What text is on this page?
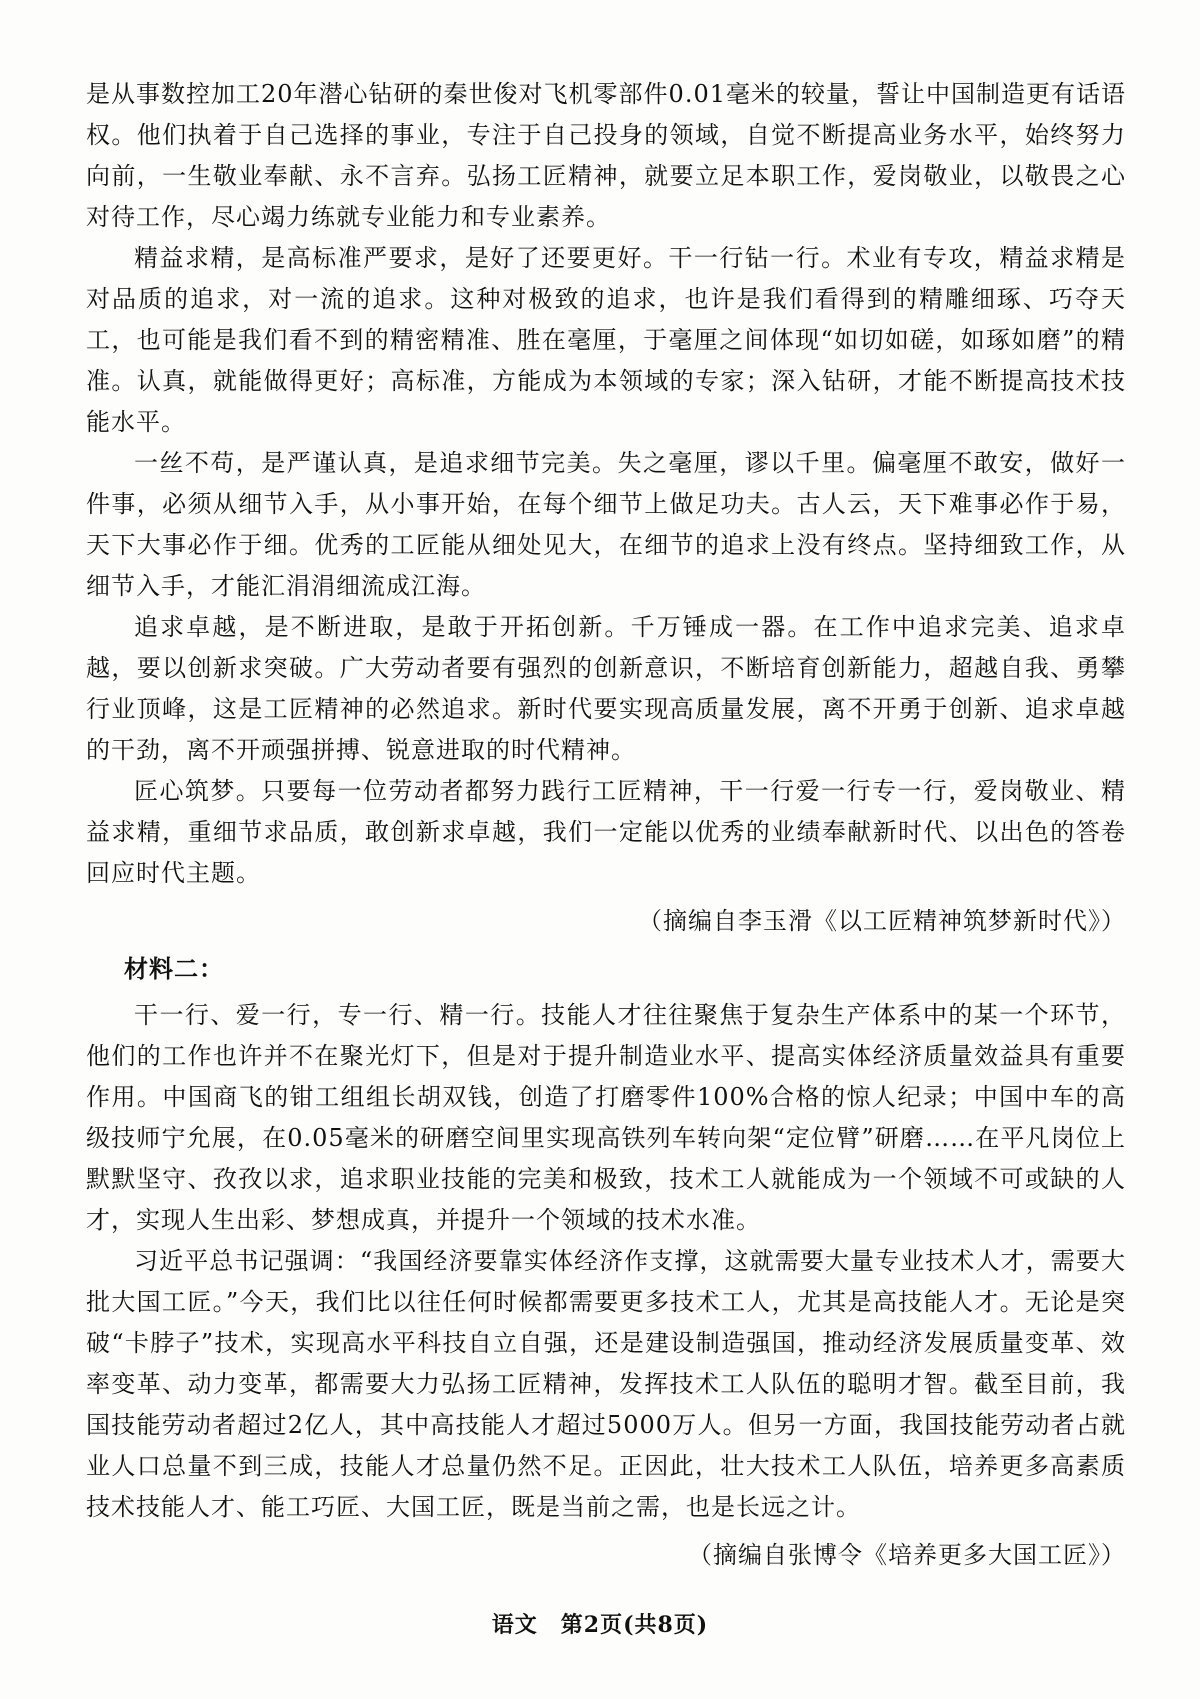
是从事数控加工20年潜心钻研的秦世俊对飞机零部件0.01毫米的较量，誓让中国制造更有话语权。他们执着于自己选择的事业，专注于自己投身的领域，自觉不断提高业务水平，始终努力向前，一生敬业奉献、永不言弃。弘扬工匠精神，就要立足本职工作，爱岗敬业，以敬畏之心对待工作，尽心竭力练就专业能力和专业素养。

精益求精，是高标准严要求，是好了还要更好。干一行钻一行。术业有专攻，精益求精是对品质的追求，对一流的追求。这种对极致的追求，也许是我们看得到的精雕细琢、巧夺天工，也可能是我们看不到的精密精准、胜在毫厘，于毫厘之间体现“如切如磋，如琢如磨”的精准。认真，就能做得更好；高标准，方能成为本领域的专家；深入钻研，才能不断提高技术技能水平。

一丝不苟，是严谨认真，是追求细节完美。失之毫厘，谬以千里。偏毫厘不敢安，做好一件事，必须从细节入手，从小事开始，在每个细节上做足功夫。古人云，天下难事必作于易，天下大事必作于细。优秀的工匠能从细处见大，在细节的追求上没有终点。坚持细致工作，从细节入手，才能汇涓涓细流成江海。

追求卓越，是不断进取，是敢于开拓创新。千万锤成一器。在工作中追求完美、追求卓越，要以创新求突破。广大劳动者要有强烈的创新意识，不断培育创新能力，超越自我、勇攀行业顶峰，这是工匠精神的必然追求。新时代要实现高质量发展，离不开勇于创新、追求卓越的干劲，离不开顽强拼搏、锐意进取的时代精神。

匠心筑梦。只要每一位劳动者都努力践行工匠精神，干一行爱一行专一行，爱岗敬业、精益求精，重细节求品质，敢创新求卓越，我们一定能以优秀的业绩奉献新时代、以出色的答卷回应时代主题。

（摘编自李玉滑《以工匠精神筑梦新时代》）

材料二：

干一行、爱一行，专一行、精一行。技能人才往往聚焦于复杂生产体系中的某一个环节，他们的工作也许并不在聚光灯下，但是对于提升制造业水平、提高实体经济质量效益具有重要作用。中国商飞的钳工组组长胡双钱，创造了打磨零件100%合格的惊人纪录；中国中车的高级技师宁允展，在0.05毫米的研磨空间里实现高铁列车转向架“定位臂”研磨……在平凡岗位上默默坚守、孜孜以求，追求职业技能的完美和极致，技术工人就能成为一个领域不可或缺的人才，实现人生出彩、梦想成真，并提升一个领域的技术水准。

习近平总书记强调：“我国经济要靠实体经济作支撑，这就需要大量专业技术人才，需要大批大国工匠。”今天，我们比以往任何时候都需要更多技术工人，尤其是高技能人才。无论是突破“卡脖子”技术，实现高水平科技自立自强，还是建设制造强国，推动经济发展质量变革、效率变革、动力变革，都需要大力弘扬工匠精神，发挥技术工人队伍的聪明才智。截至目前，我国技能劳动者超过2亿人，其中高技能人才超过5000万人。但另一方面，我国技能劳动者占就业人口总量不到三成，技能人才总量仍然不足。正因此，壮大技术工人队伍，培养更多高素质技术技能人才、能工巧匠、大国工匠，既是当前之需，也是长远之计。

（摘编自张博令《培养更多大国工匠》）

语文　第2页(共8页)
